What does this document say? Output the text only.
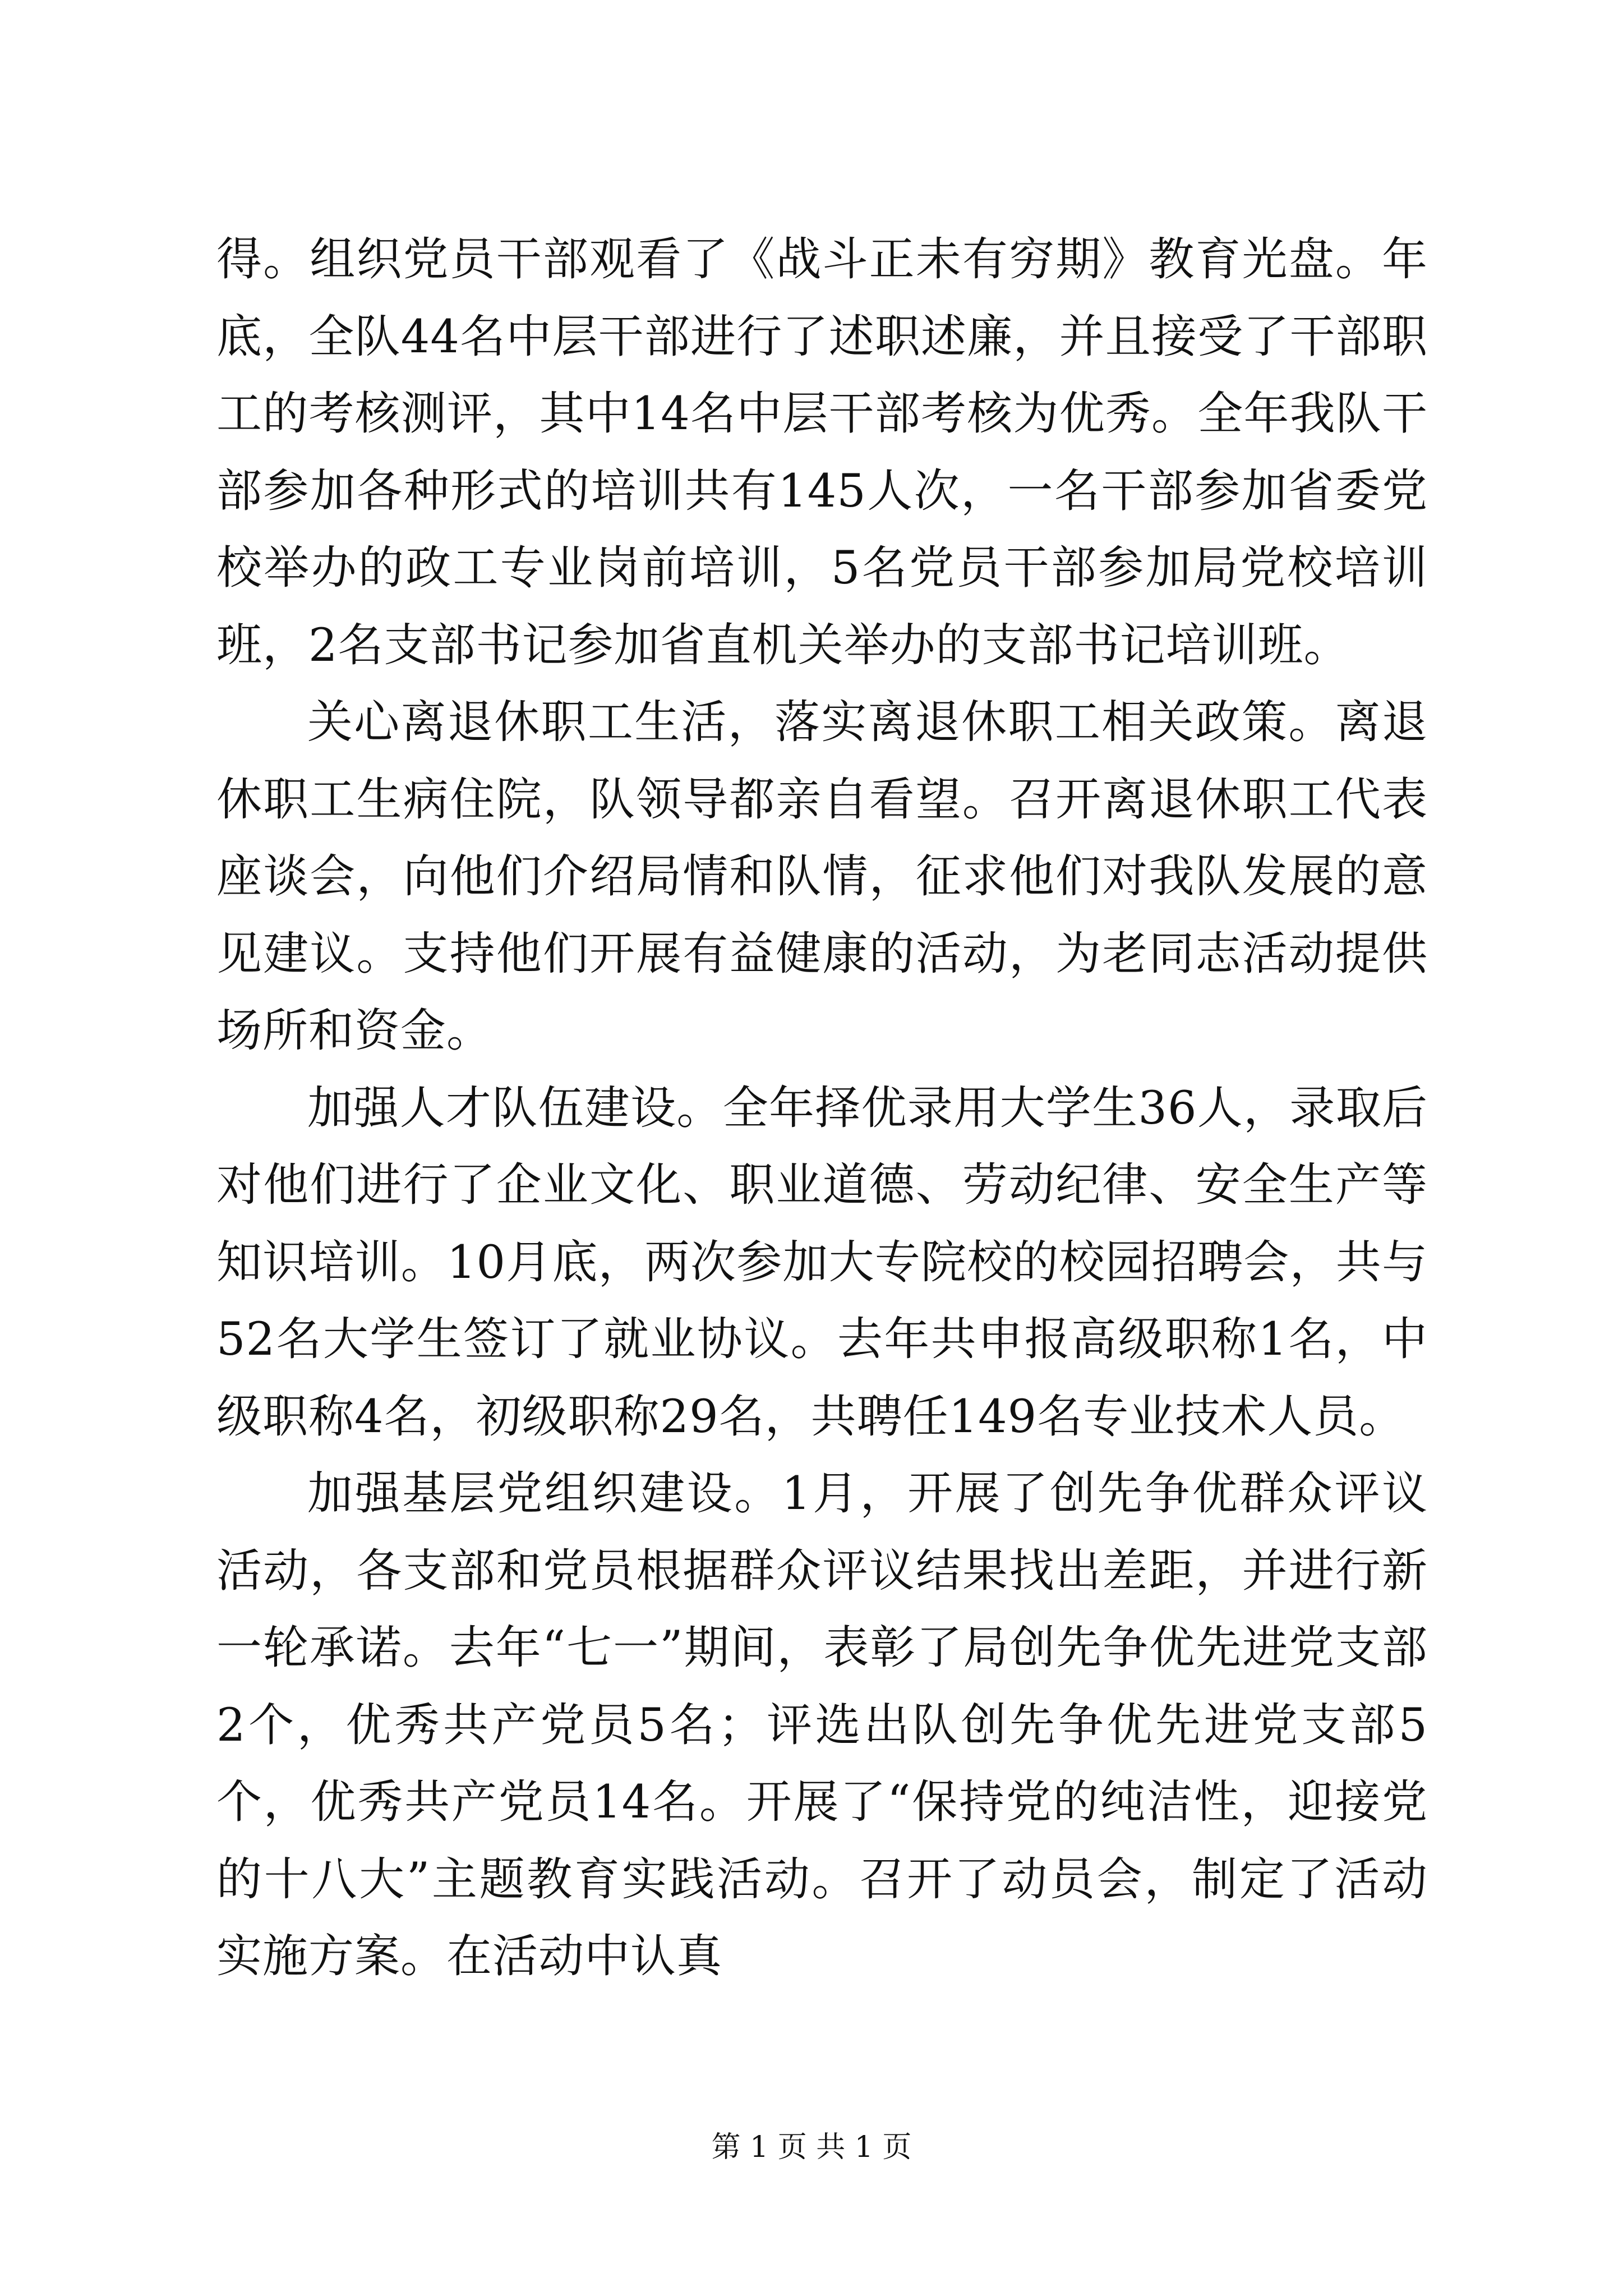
得。组织党员干部观看了《战斗正未有穷期》教育光盘。年底，全队44名中层干部进行了述职述廉，并且接受了干部职工的考核测评，其中14名中层干部考核为优秀。全年我队干部参加各种形式的培训共有145人次，一名干部参加省委党校举办的政工专业岗前培训，5名党员干部参加局党校培训班，2名支部书记参加省直机关举办的支部书记培训班。

关心离退休职工生活，落实离退休职工相关政策。离退休职工生病住院，队领导都亲自看望。召开离退休职工代表座谈会，向他们介绍局情和队情，征求他们对我队发展的意见建议。支持他们开展有益健康的活动，为老同志活动提供场所和资金。

加强人才队伍建设。全年择优录用大学生36人，录取后对他们进行了企业文化、职业道德、劳动纪律、安全生产等知识培训。10月底，两次参加大专院校的校园招聘会，共与52名大学生签订了就业协议。去年共申报高级职称1名，中级职称4名，初级职称29名，共聘任149名专业技术人员。

加强基层党组织建设。1月，开展了创先争优群众评议活动，各支部和党员根据群众评议结果找出差距，并进行新一轮承诺。去年“七一”期间，表彰了局创先争优先进党支部2个，优秀共产党员5名；评选出队创先争优先进党支部5个，优秀共产党员14名。开展了“保持党的纯洁性，迎接党的十八大”主题教育实践活动。召开了动员会，制定了活动实施方案。在活动中认真

第 1 页 共 1 页
